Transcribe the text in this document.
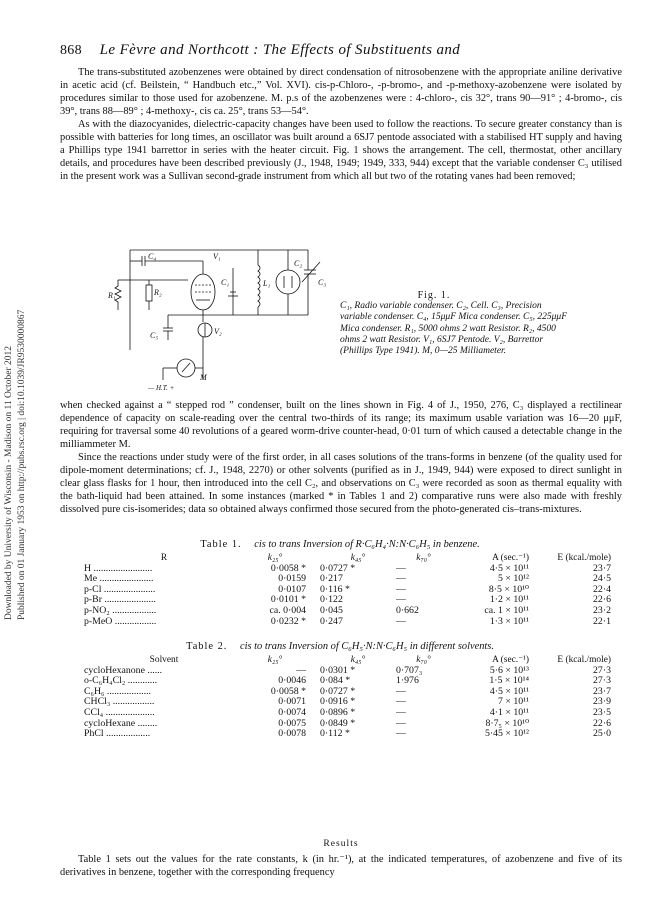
Downloaded by University of Wisconsin - Madison on 11 October 2012 Published on 01 January 1953 on http://pubs.rsc.org | doi:10.1039/JR9530000867
868 Le Fèvre and Northcott : The Effects of Substituents and

The trans-substituted azobenzenes were obtained by direct condensation of nitrosobenzene with the appropriate aniline derivative in acetic acid (cf. Beilstein, “ Handbuch etc.,” Vol. XVI). cis-p-Chloro-, -p-bromo-, and -p-methoxy-azobenzene were isolated by procedures similar to those used for azobenzene. M. p.s of the azobenzenes were : 4-chloro-, cis 32°, trans 90—91° ; 4-bromo-, cis 39°, trans 88—89° ; 4-methoxy-, cis ca. 25°, trans 53—54°.

As with the diazocyanides, dielectric-capacity changes have been used to follow the reactions. To secure greater constancy than is possible with batteries for long times, an oscillator was built around a 6SJ7 pentode associated with a stabilised HT supply and having a Phillips type 1941 barrettor in series with the heater circuit. Fig. 1 shows the arrangement. The cell, thermostat, other ancillary details, and procedures have been described previously (J., 1948, 1949; 1949, 333, 944) except that the variable condenser C₃ utilised in the present work was a Sullivan second-grade instrument from which all but two of the rotating vanes had been removed;

C₄	V₁
R₁	R₂
C₁	L₁
C₂
C₃
V₂
C₅
M
— H.T. +
Fig. 1.
C₁, Radio variable condenser. C₂, Cell. C₃, Precision variable condenser. C₄, 15μμF Mica condenser. C₅, 225μμF Mica condenser. R₁, 5000 ohms 2 watt Resistor. R₂, 4500 ohms 2 watt Resistor. V₁, 6SJ7 Pentode. V₂, Barrettor (Phillips Type 1941). M, 0—25 Milliameter.

when checked against a “ stepped rod ” condenser, built on the lines shown in Fig. 4 of J., 1950, 276, C₃ displayed a rectilinear dependence of capacity on scale-reading over the central two-thirds of its range; its maximum usable variation was 16—20 μμF, requiring for traversal some 40 revolutions of a geared worm-drive counter-head, 0·01 turn of which caused a detectable change in the milliammeter M.

Since the reactions under study were of the first order, in all cases solutions of the trans-forms in benzene (of the quality used for dipole-moment determinations; cf. J., 1948, 2270) or other solvents (purified as in J., 1949, 944) were exposed to direct sunlight in clear glass flasks for 1 hour, then introduced into the cell C₂, and observations on C₃ were recorded as soon as thermal equality with the bath-liquid had been attained. In some instances (marked * in Tables 1 and 2) comparative runs were also made with freshly dissolved pure cis-isomerides; data so obtained always confirmed those secured from the photo-generated cis–trans-mixtures.

Table 1. cis to trans Inversion of R·C₆H₄·N:N·C₆H₅ in benzene.
R	k₂₅°	k₄₅°	k₇₀°	A (sec.⁻¹)	E (kcal./mole)
H ........................	0·0058 *	0·0727 *	—	4·5 × 10¹¹	23·7
Me ......................	0·0159	0·217	—	5 × 10¹²	24·5
p-Cl .....................	0·0107	0·116 *	—	8·5 × 10¹⁰	22·4
p-Br .....................	0·0101 *	0·122	—	1·2 × 10¹¹	22·6
p-NO₂ ..................	ca. 0·004	0·045	0·662	ca. 1 × 10¹¹	23·2
p-MeO .................	0·0232 *	0·247	—	1·3 × 10¹¹	22·1
Table 2. cis to trans Inversion of C₆H₅·N:N·C₆H₅ in different solvents.
Solvent	k₂₅°	k₄₅°	k₇₀°	A (sec.⁻¹)	E (kcal./mole)
cycloHexanone ......	—	0·0301 *	0·707₃	5·6 × 10¹³	27·3
o-C₆H₄Cl₂ ............	0·0046	0·084 *	1·976	1·5 × 10¹⁴	27·3
C₆H₆ ..................	0·0058 *	0·0727 *	—	4·5 × 10¹¹	23·7
CHCl₃ .................	0·0071	0·0916 *	—	7 × 10¹¹	23·9
CCl₄ ....................	0·0074	0·0896 *	—	4·1 × 10¹¹	23·5
cycloHexane ........	0·0075	0·0849 *	—	8·7₅ × 10¹⁰	22·6
PhCl ..................	0·0078	0·112 *	—	5·45 × 10¹²	25·0
Results

Table 1 sets out the values for the rate constants, k (in hr.⁻¹), at the indicated temperatures, of azobenzene and five of its derivatives in benzene, together with the corresponding frequency
